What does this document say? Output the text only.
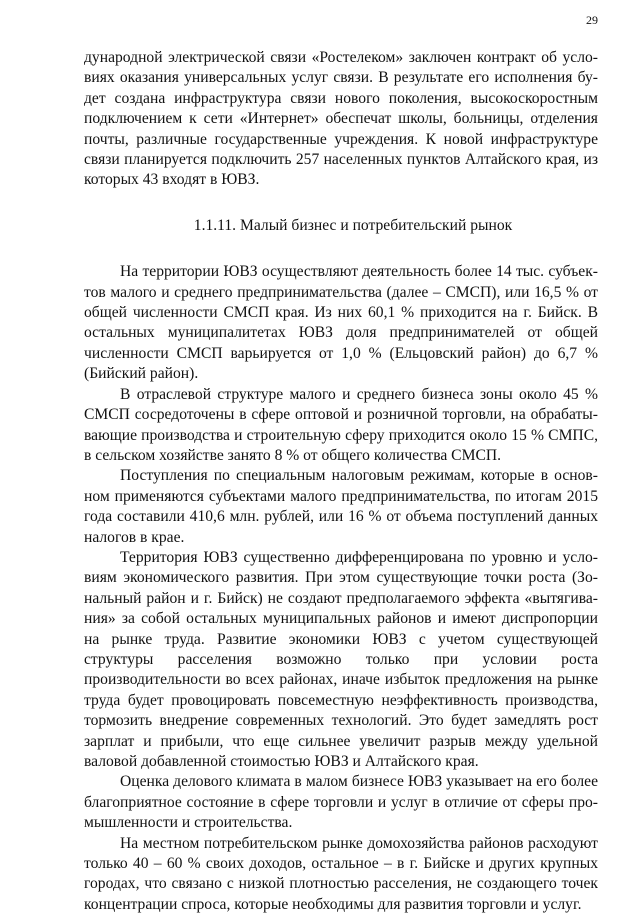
29

дународной электрической связи «Ростелеком» заключен контракт об условиях оказания универсальных услуг связи. В результате его исполнения будет создана инфраструктура связи нового поколения, высокоскоростным подключением к сети «Интернет» обеспечат школы, больницы, отделения почты, различные государственные учреждения. К новой инфраструктуре связи планируется подключить 257 населенных пунктов Алтайского края, из которых 43 входят в ЮВЗ.

1.1.11. Малый бизнес и потребительский рынок

На территории ЮВЗ осуществляют деятельность более 14 тыс. субъектов малого и среднего предпринимательства (далее – СМСП), или 16,5 % от общей численности СМСП края. Из них 60,1 % приходится на г. Бийск. В остальных муниципалитетах ЮВЗ доля предпринимателей от общей численности СМСП варьируется от 1,0 % (Ельцовский район) до 6,7 % (Бийский район).

В отраслевой структуре малого и среднего бизнеса зоны около 45 % СМСП сосредоточены в сфере оптовой и розничной торговли, на обрабатывающие производства и строительную сферу приходится около 15 % СМПС, в сельском хозяйстве занято 8 % от общего количества СМСП.

Поступления по специальным налоговым режимам, которые в основном применяются субъектами малого предпринимательства, по итогам 2015 года составили 410,6 млн. рублей, или 16 % от объема поступлений данных налогов в крае.

Территория ЮВЗ существенно дифференцирована по уровню и условиям экономического развития. При этом существующие точки роста (Зональный район и г. Бийск) не создают предполагаемого эффекта «вытягивания» за собой остальных муниципальных районов и имеют диспропорции на рынке труда. Развитие экономики ЮВЗ с учетом существующей структуры расселения возможно только при условии роста производительности во всех районах, иначе избыток предложения на рынке труда будет провоцировать повсеместную неэффективность производства, тормозить внедрение современных технологий. Это будет замедлять рост зарплат и прибыли, что еще сильнее увеличит разрыв между удельной валовой добавленной стоимостью ЮВЗ и Алтайского края.

Оценка делового климата в малом бизнесе ЮВЗ указывает на его более благоприятное состояние в сфере торговли и услуг в отличие от сферы промышленности и строительства.

На местном потребительском рынке домохозяйства районов расходуют только 40 – 60 % своих доходов, остальное – в г. Бийске и других крупных городах, что связано с низкой плотностью расселения, не создающего точек концентрации спроса, которые необходимы для развития торговли и услуг.
